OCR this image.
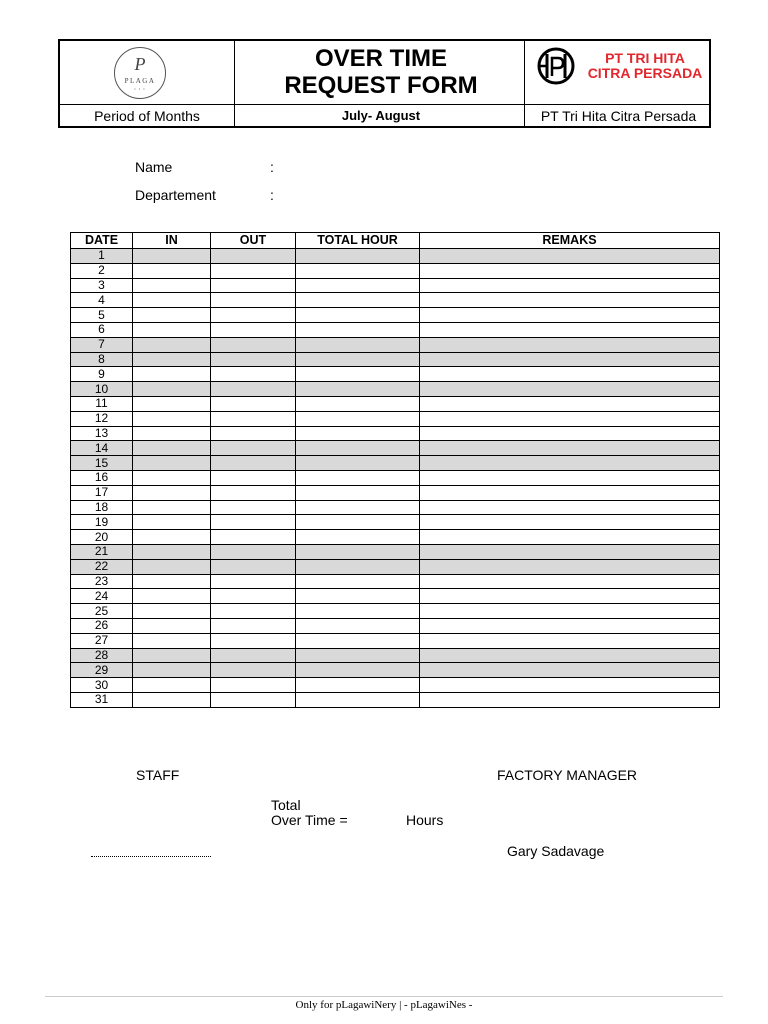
P
PLAGA
• • •
OVER TIME
REQUEST FORM
PT TRI HITA
CITRA PERSADA
Period of Months	July- August	PT Tri Hita Citra Persada
Name	:
Departement	:
DATE	IN	OUT	TOTAL HOUR	REMAKS
1				
2				
3				
4				
5				
6				
7				
8				
9				
10				
11				
12				
13				
14				
15				
16				
17				
18				
19				
20				
21				
22				
23				
24				
25				
26				
27				
28				
29				
30				
31				
STAFF	FACTORY MANAGER
Total
Over Time =	Hours
Gary Sadavage
Only for pLagawiNery | - pLagawiNes -
